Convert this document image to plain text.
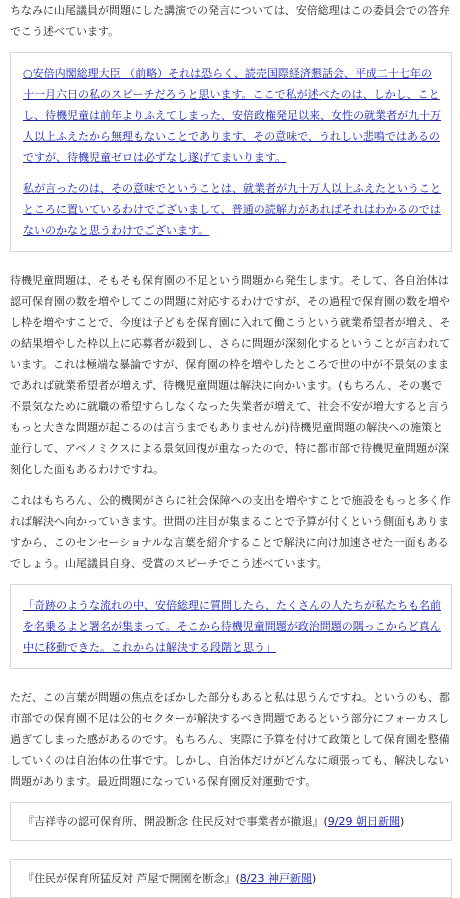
ちなみに山尾議員が問題にした講演での発言については、安倍総理はこの委員会での答弁でこう述べています。

○安倍内閣総理大臣 （前略）それは恐らく、読売国際経済懇話会、平成二十七年の十一月六日の私のスピーチだろうと思います。ここで私が述べたのは、しかし、ことし、待機児童は前年よりふえてしまった、安倍政権発足以来、女性の就業者が九十万人以上ふえたから無理もないことであります、その意味で、うれしい悲鳴ではあるのですが、待機児童ゼロは必ずなし遂げてまいります。

私が言ったのは、その意味でということは、就業者が九十万人以上ふえたということところに置いているわけでございまして、普通の読解力があればそれはわかるのではないのかなと思うわけでございます。

待機児童問題は、そもそも保育園の不足という問題から発生します。そして、各自治体は認可保育園の数を増やしてこの問題に対応するわけですが、その過程で保育園の数を増やし枠を増やすことで、今度は子どもを保育園に入れて働こうという就業希望者が増え、その結果増やした枠以上に応募者が殺到し、さらに問題が深刻化するということが言われています。これは極端な暴論ですが、保育園の枠を増やしたところで世の中が不景気のままであれば就業希望者が増えず、待機児童問題は解決に向かいます。(もちろん、その裏で不景気なために就職の希望すらしなくなった失業者が増えて、社会不安が増大すると言うもっと大きな問題が起こるのは言うまでもありませんが)待機児童問題の解決への施策と並行して、アベノミクスによる景気回復が重なったので、特に都市部で待機児童問題が深刻化した面もあるわけですね。

これはもちろん、公的機関がさらに社会保障への支出を増やすことで施設をもっと多く作れば解決へ向かっていきます。世間の注目が集まることで予算が付くという側面もありますから、このセンセーショナルな言葉を紹介することで解決に向け加速させた一面もあるでしょう。山尾議員自身、受賞のスピーチでこう述べています。

「奇跡のような流れの中、安倍総理に質問したら、たくさんの人たちが私たちも名前を名乗るよと署名が集まって。そこから待機児童問題が政治問題の隅っこからど真ん中に移動できた。これからは解決する段階と思う」

ただ、この言葉が問題の焦点をぼかした部分もあると私は思うんですね。というのも、都市部での保育園不足は公的セクターが解決するべき問題であるという部分にフォーカスし過ぎてしまった感があるのです。もちろん、実際に予算を付けて政策として保育園を整備していくのは自治体の仕事です。しかし、自治体だけがどんなに頑張っても、解決しない問題があります。最近問題になっている保育園反対運動です。

『吉祥寺の認可保育所、開設断念 住民反対で事業者が撤退』(9/29 朝日新聞)

『住民が保育所猛反対 芦屋で開園を断念』(8/23 神戸新聞)
